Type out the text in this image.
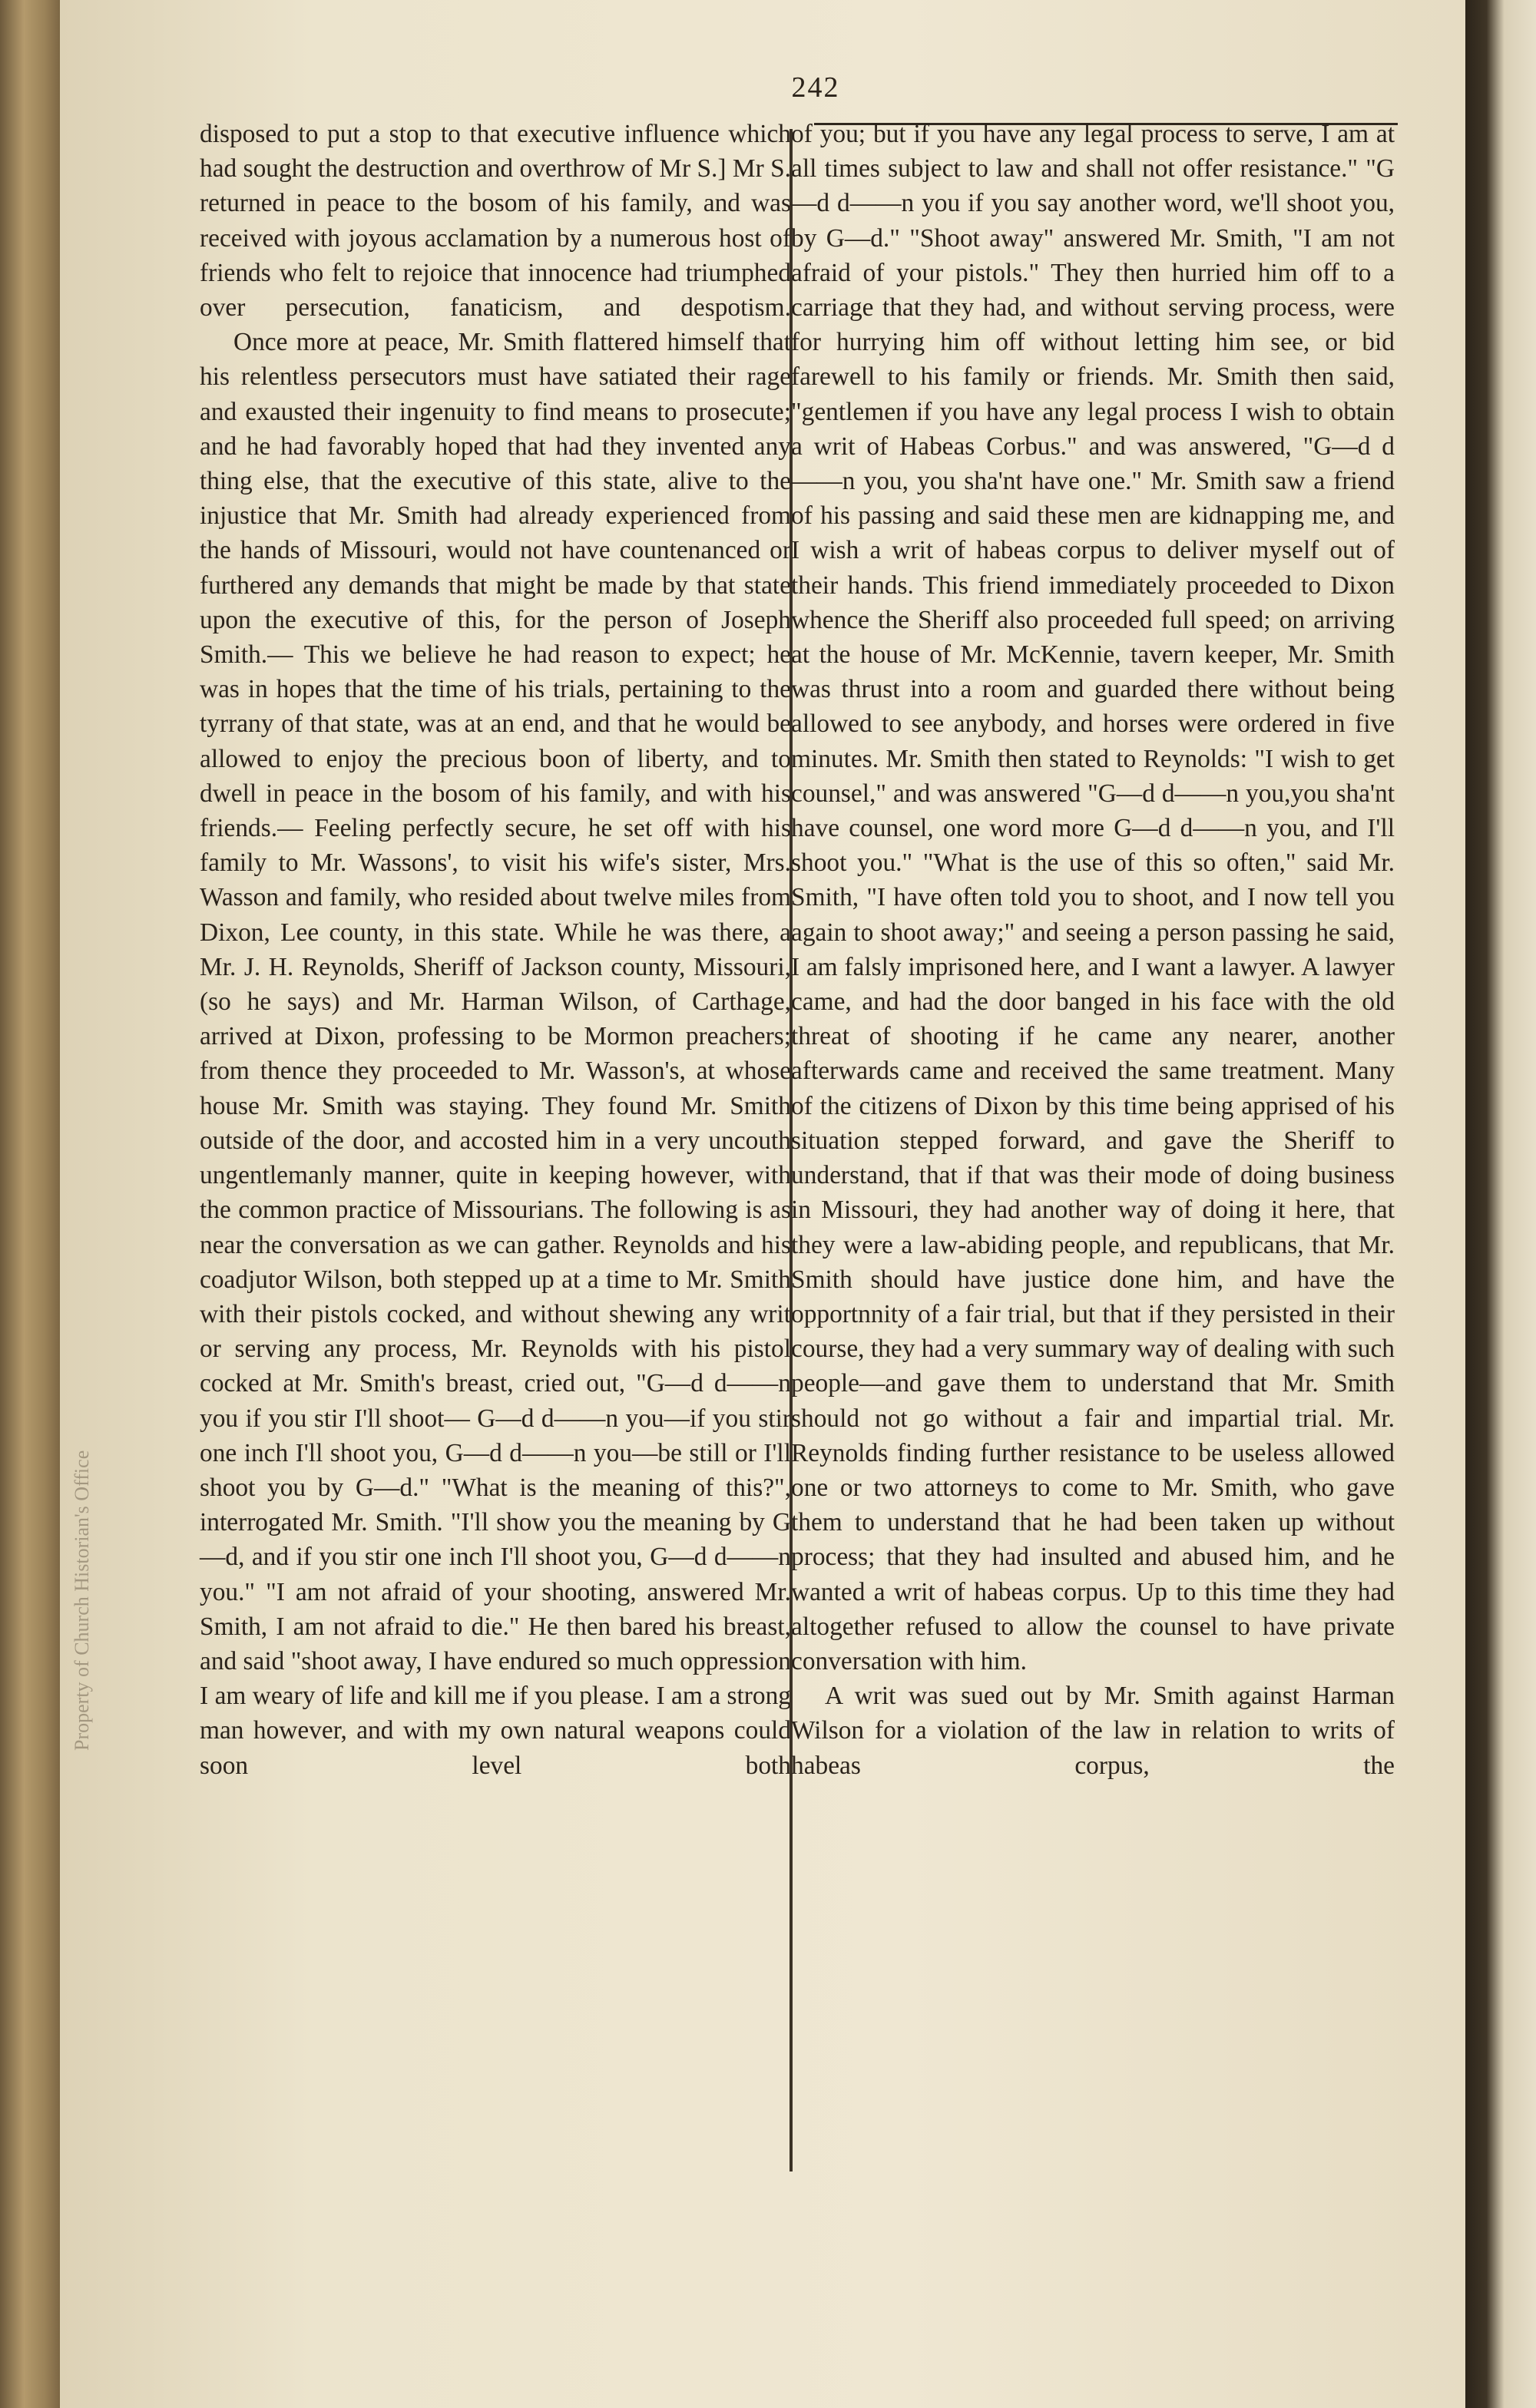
Property of Church Historian's Office
242

disposed to put a stop to that executive influence which had sought the destruction and overthrow of Mr S.] Mr S. returned in peace to the bosom of his family, and was received with joyous acclamation by a numerous host of friends who felt to rejoice that innocence had triumphed over persecution, fanaticism, and despotism.

Once more at peace, Mr. Smith flattered himself that his relentless persecutors must have satiated their rage and exausted their ingenuity to find means to prosecute; and he had favorably hoped that had they invented any thing else, that the executive of this state, alive to the injustice that Mr. Smith had already experienced from the hands of Missouri, would not have countenanced or furthered any demands that might be made by that state upon the executive of this, for the person of Joseph Smith.— This we believe he had reason to expect; he was in hopes that the time of his trials, pertaining to the tyrrany of that state, was at an end, and that he would be allowed to enjoy the precious boon of liberty, and to dwell in peace in the bosom of his family, and with his friends.— Feeling perfectly secure, he set off with his family to Mr. Wassons', to visit his wife's sister, Mrs. Wasson and family, who resided about twelve miles from Dixon, Lee county, in this state. While he was there, a Mr. J. H. Reynolds, Sheriff of Jackson county, Missouri, (so he says) and Mr. Harman Wilson, of Carthage, arrived at Dixon, professing to be Mormon preachers; from thence they proceeded to Mr. Wasson's, at whose house Mr. Smith was staying. They found Mr. Smith outside of the door, and accosted him in a very uncouth ungentlemanly manner, quite in keeping however, with the common practice of Missourians. The following is as near the conversation as we can gather. Reynolds and his coadjutor Wilson, both stepped up at a time to Mr. Smith with their pistols cocked, and without shewing any writ or serving any process, Mr. Reynolds with his pistol cocked at Mr. Smith's breast, cried out, "G—d d——n you if you stir I'll shoot— G—d d——n you—if you stir one inch I'll shoot you, G—d d——n you—be still or I'll shoot you by G—d." "What is the meaning of this?", interrogated Mr. Smith. "I'll show you the meaning by G—d, and if you stir one inch I'll shoot you, G—d d——n you." "I am not afraid of your shooting, answered Mr. Smith, I am not afraid to die." He then bared his breast, and said "shoot away, I have endured so much oppression I am weary of life and kill me if you please. I am a strong man however, and with my own natural weapons could soon level both

of you; but if you have any legal process to serve, I am at all times subject to law and shall not offer resistance." "G—d d——n you if you say another word, we'll shoot you, by G—d." "Shoot away" answered Mr. Smith, "I am not afraid of your pistols." They then hurried him off to a carriage that they had, and without serving process, were for hurrying him off without letting him see, or bid farewell to his family or friends. Mr. Smith then said, "gentlemen if you have any legal process I wish to obtain a writ of Habeas Corbus." and was answered, "G—d d——n you, you sha'nt have one." Mr. Smith saw a friend of his passing and said these men are kidnapping me, and I wish a writ of habeas corpus to deliver myself out of their hands. This friend immediately proceeded to Dixon whence the Sheriff also proceeded full speed; on arriving at the house of Mr. McKennie, tavern keeper, Mr. Smith was thrust into a room and guarded there without being allowed to see anybody, and horses were ordered in five minutes. Mr. Smith then stated to Reynolds: "I wish to get counsel," and was answered "G—d d——n you,you sha'nt have counsel, one word more G—d d——n you, and I'll shoot you." "What is the use of this so often," said Mr. Smith, "I have often told you to shoot, and I now tell you again to shoot away;" and seeing a person passing he said, I am falsly imprisoned here, and I want a lawyer. A lawyer came, and had the door banged in his face with the old threat of shooting if he came any nearer, another afterwards came and received the same treatment. Many of the citizens of Dixon by this time being apprised of his situation stepped forward, and gave the Sheriff to understand, that if that was their mode of doing business in Missouri, they had another way of doing it here, that they were a law-abiding people, and republicans, that Mr. Smith should have justice done him, and have the opportnnity of a fair trial, but that if they persisted in their course, they had a very summary way of dealing with such people—and gave them to understand that Mr. Smith should not go without a fair and impartial trial. Mr. Reynolds finding further resistance to be useless allowed one or two attorneys to come to Mr. Smith, who gave them to understand that he had been taken up without process; that they had insulted and abused him, and he wanted a writ of habeas corpus. Up to this time they had altogether refused to allow the counsel to have private conversation with him.

A writ was sued out by Mr. Smith against Harman Wilson for a violation of the law in relation to writs of habeas corpus, the
